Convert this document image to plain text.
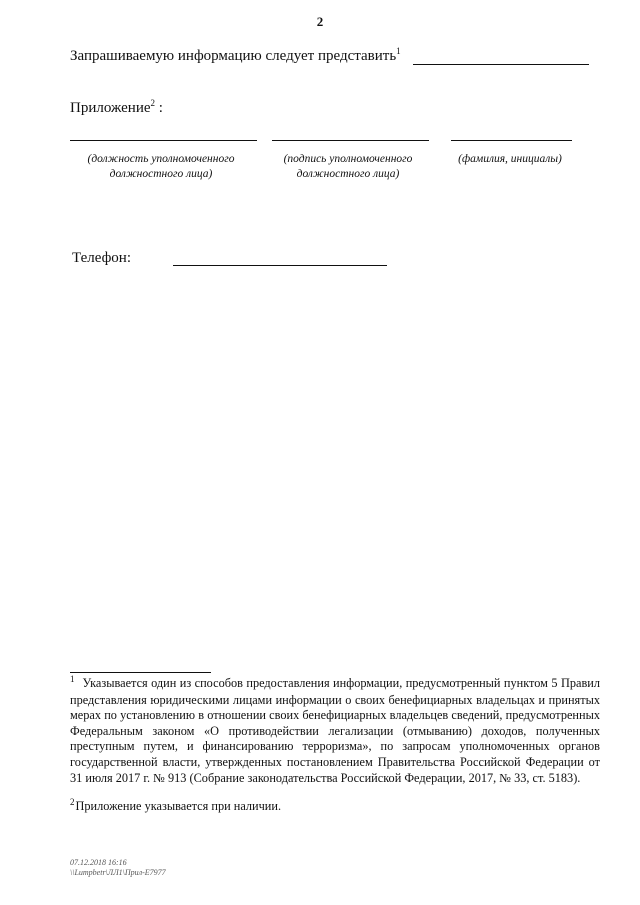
2
Запрашиваемую информацию следует представить$^1$
Приложение$^2$ :
(должность уполномоченного
должностного лица)
(подпись уполномоченного
должностного лица)
(фамилия, инициалы)
Телефон:
$^1$ Указывается один из способов предоставления информации, предусмотренный пунктом 5 Правил представления юридическими лицами информации о своих бенефициарных владельцах и принятых мерах по установлению в отношении своих бенефициарных владельцев сведений, предусмотренных Федеральным законом «О противодействии легализации (отмыванию) доходов, полученных преступным путем, и финансированию терроризма», по запросам уполномоченных органов государственной власти, утвержденных постановлением Правительства Российской Федерации от 31 июля 2017 г. № 913 (Собрание законодательства Российской Федерации, 2017, № 33, ст. 5183).
$^2$Приложение указывается при наличии.
07.12.2018 16:16
\\Lumpbetr\ЛЛ1\Прил-Е7977
